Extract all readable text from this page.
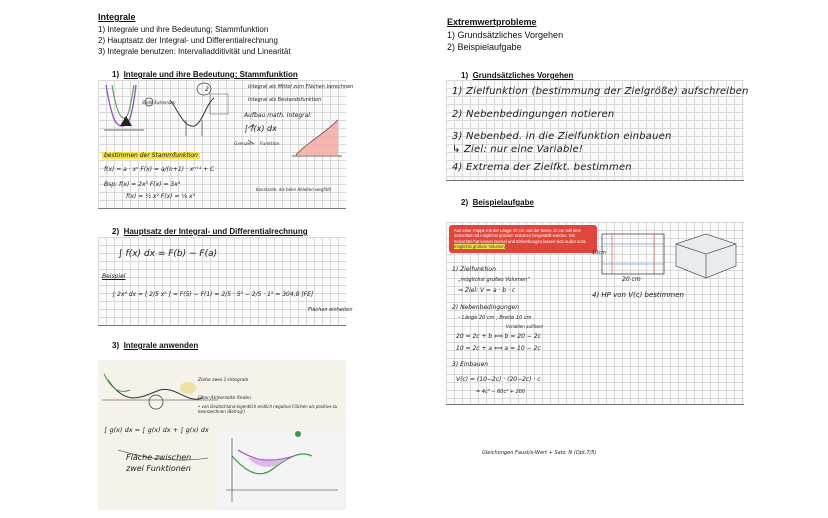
Integrale
1) Integrale und ihre Bedeutung; Stammfunktion
2) Hauptsatz der Integral- und Differentialrechnung
3) Integrale benutzen: Intervalladditivität und Linearität
Extremwertprobleme
1) Grundsätzliches Vorgehen
2) Beispielaufgabe
1) Integrale und ihre Bedeutung; Stammfunktion
Stelle Extremum
2	Integral als Mittel zum Flächen berechnen
Integral als Bestandsfunktion
Aufbau math. Integral:
∫ f(x) dx
Grenzen Funktion
bestimmen der Stammfunktion
f(x) = a · xⁿ F(x) = a/(n+1) · xⁿ⁺¹ + C
Bsp: f(x) = 2x³ F(x) = 3x⁴
f(x) = ½ x² F(x) = ⅙ x³
Konstante, die beim Ableiten wegfällt
2) Hauptsatz der Integral- und Differentialrechnung
∫ f(x) dx = F(b) − F(a)
Beispiel
∫ 2x⁴ dx = [ 2/5 x⁵ ] = F(5) − F(1) = 2/5 · 5⁵ − 2/5 · 1⁵ = 304,8 [FE]
Flächen einheiten
3) Integrale anwenden
Ziehe zwei 1-Integrale
Ober-/Unterseite finden
• von Deutschland eigentlich endlich negative Flächen als positive zu kennzeichnen (Betrag!)
∫ g(x) dx = ∫ g(x) dx + ∫ g(x) dx
Fläche zwischen zwei Funktionen
1) Grundsätzliches Vorgehen
1) Zielfunktion (bestimmung der Zielgröße) aufschreiben
2) Nebenbedingungen notieren
3) Nebenbed. in die Zielfunktion einbauen
↳ Ziel: nur eine Variable!
4) Extrema der Zielfkt. bestimmen
2) Beispielaufgabe
Aus einer Pappe mit der Länge 20 cm und der Breite 10 cm soll eine Schachtel mit möglichst großem Volumen hergestellt werden. Die Schachtel hat keinen Deckel und Einkerbungen lassen sich außer acht. möglichst großem Volumen
10cm
20 cm
1) Zielfunktion
„möglichst großes Volumen“
⇒ Ziel: V = a · b · c
4) HP von V(c) bestimmen
2) Nebenbedingungen
– Länge 20 cm ; Breite 10 cm
Variablen auflösen
20 = 2c + b ⟺ b = 20 − 2c
10 = 2c + a ⟺ a = 10 − 2c
3) Einbauen
V(c) = (10−2c) · (20−2c) · c
= 4c³ − 60c² + 200
Gleichungen Faust/x-Wert + Satz. N (Opt.7/5)
